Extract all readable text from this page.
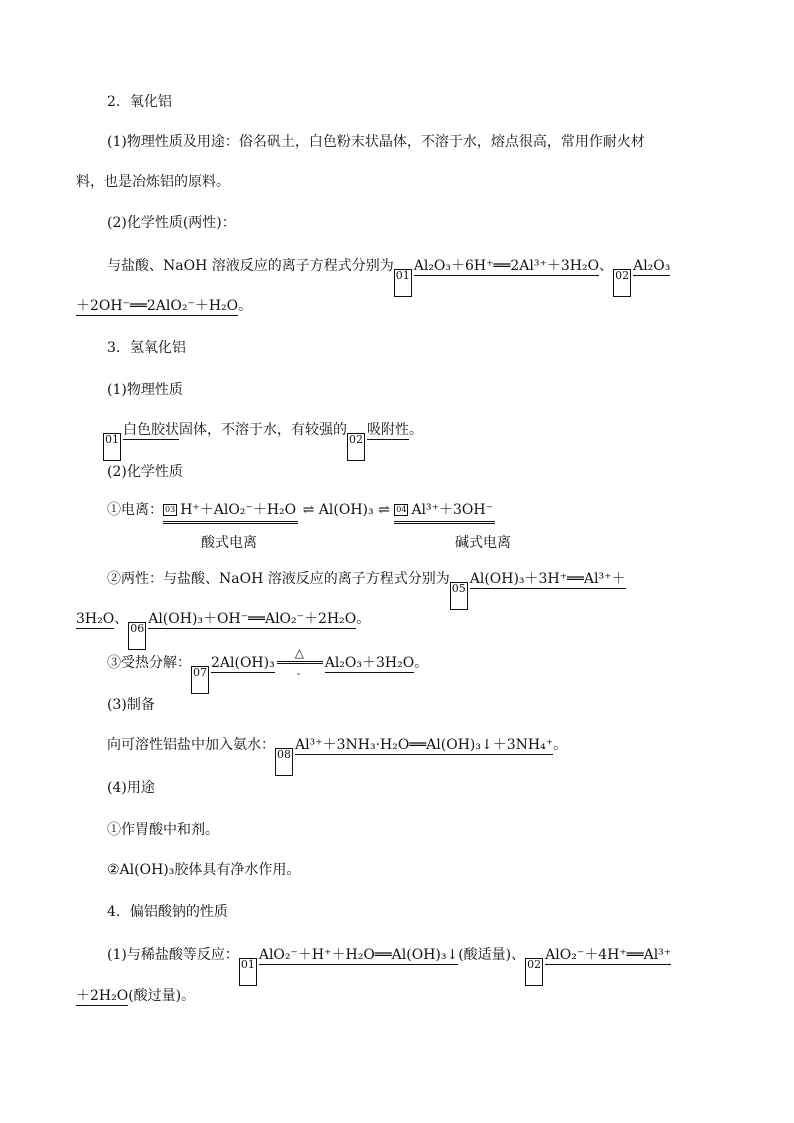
2．氧化铝
(1)物理性质及用途：俗名矾土，白色粉末状晶体，不溶于水，熔点很高，常用作耐火材
料，也是冶炼铝的原料。
(2)化学性质(两性)：
与盐酸、NaOH 溶液反应的离子方程式分别为01Al₂O₃＋6H⁺══2Al³⁺＋3H₂O、02Al₂O₃
＋2OH⁻══2AlO₂⁻＋H₂O。
3．氢氧化铝
(1)物理性质
01白色胶状固体，不溶于水，有较强的02吸附性。
(2)化学性质
①电离： 03 H⁺＋AlO₂⁻＋H₂O ⇌ Al(OH)₃ ⇌ 04 Al³⁺＋3OH⁻
酸式电离	碱式电离
②两性：与盐酸、NaOH 溶液反应的离子方程式分别为05Al(OH)₃＋3H⁺══Al³⁺＋
3H₂O、06Al(OH)₃＋OH⁻══AlO₂⁻＋2H₂O。
③受热分解：072Al(OH)₃
△
-
Al₂O₃＋3H₂O。
(3)制备
向可溶性铝盐中加入氨水：08Al³⁺＋3NH₃·H₂O══Al(OH)₃↓＋3NH₄⁺。
(4)用途
①作胃酸中和剂。
②Al(OH)₃胶体具有净水作用。
4．偏铝酸钠的性质
(1)与稀盐酸等反应：01AlO₂⁻＋H⁺＋H₂O══Al(OH)₃↓(酸适量)、02AlO₂⁻＋4H⁺══Al³⁺
＋2H₂O(酸过量)。
